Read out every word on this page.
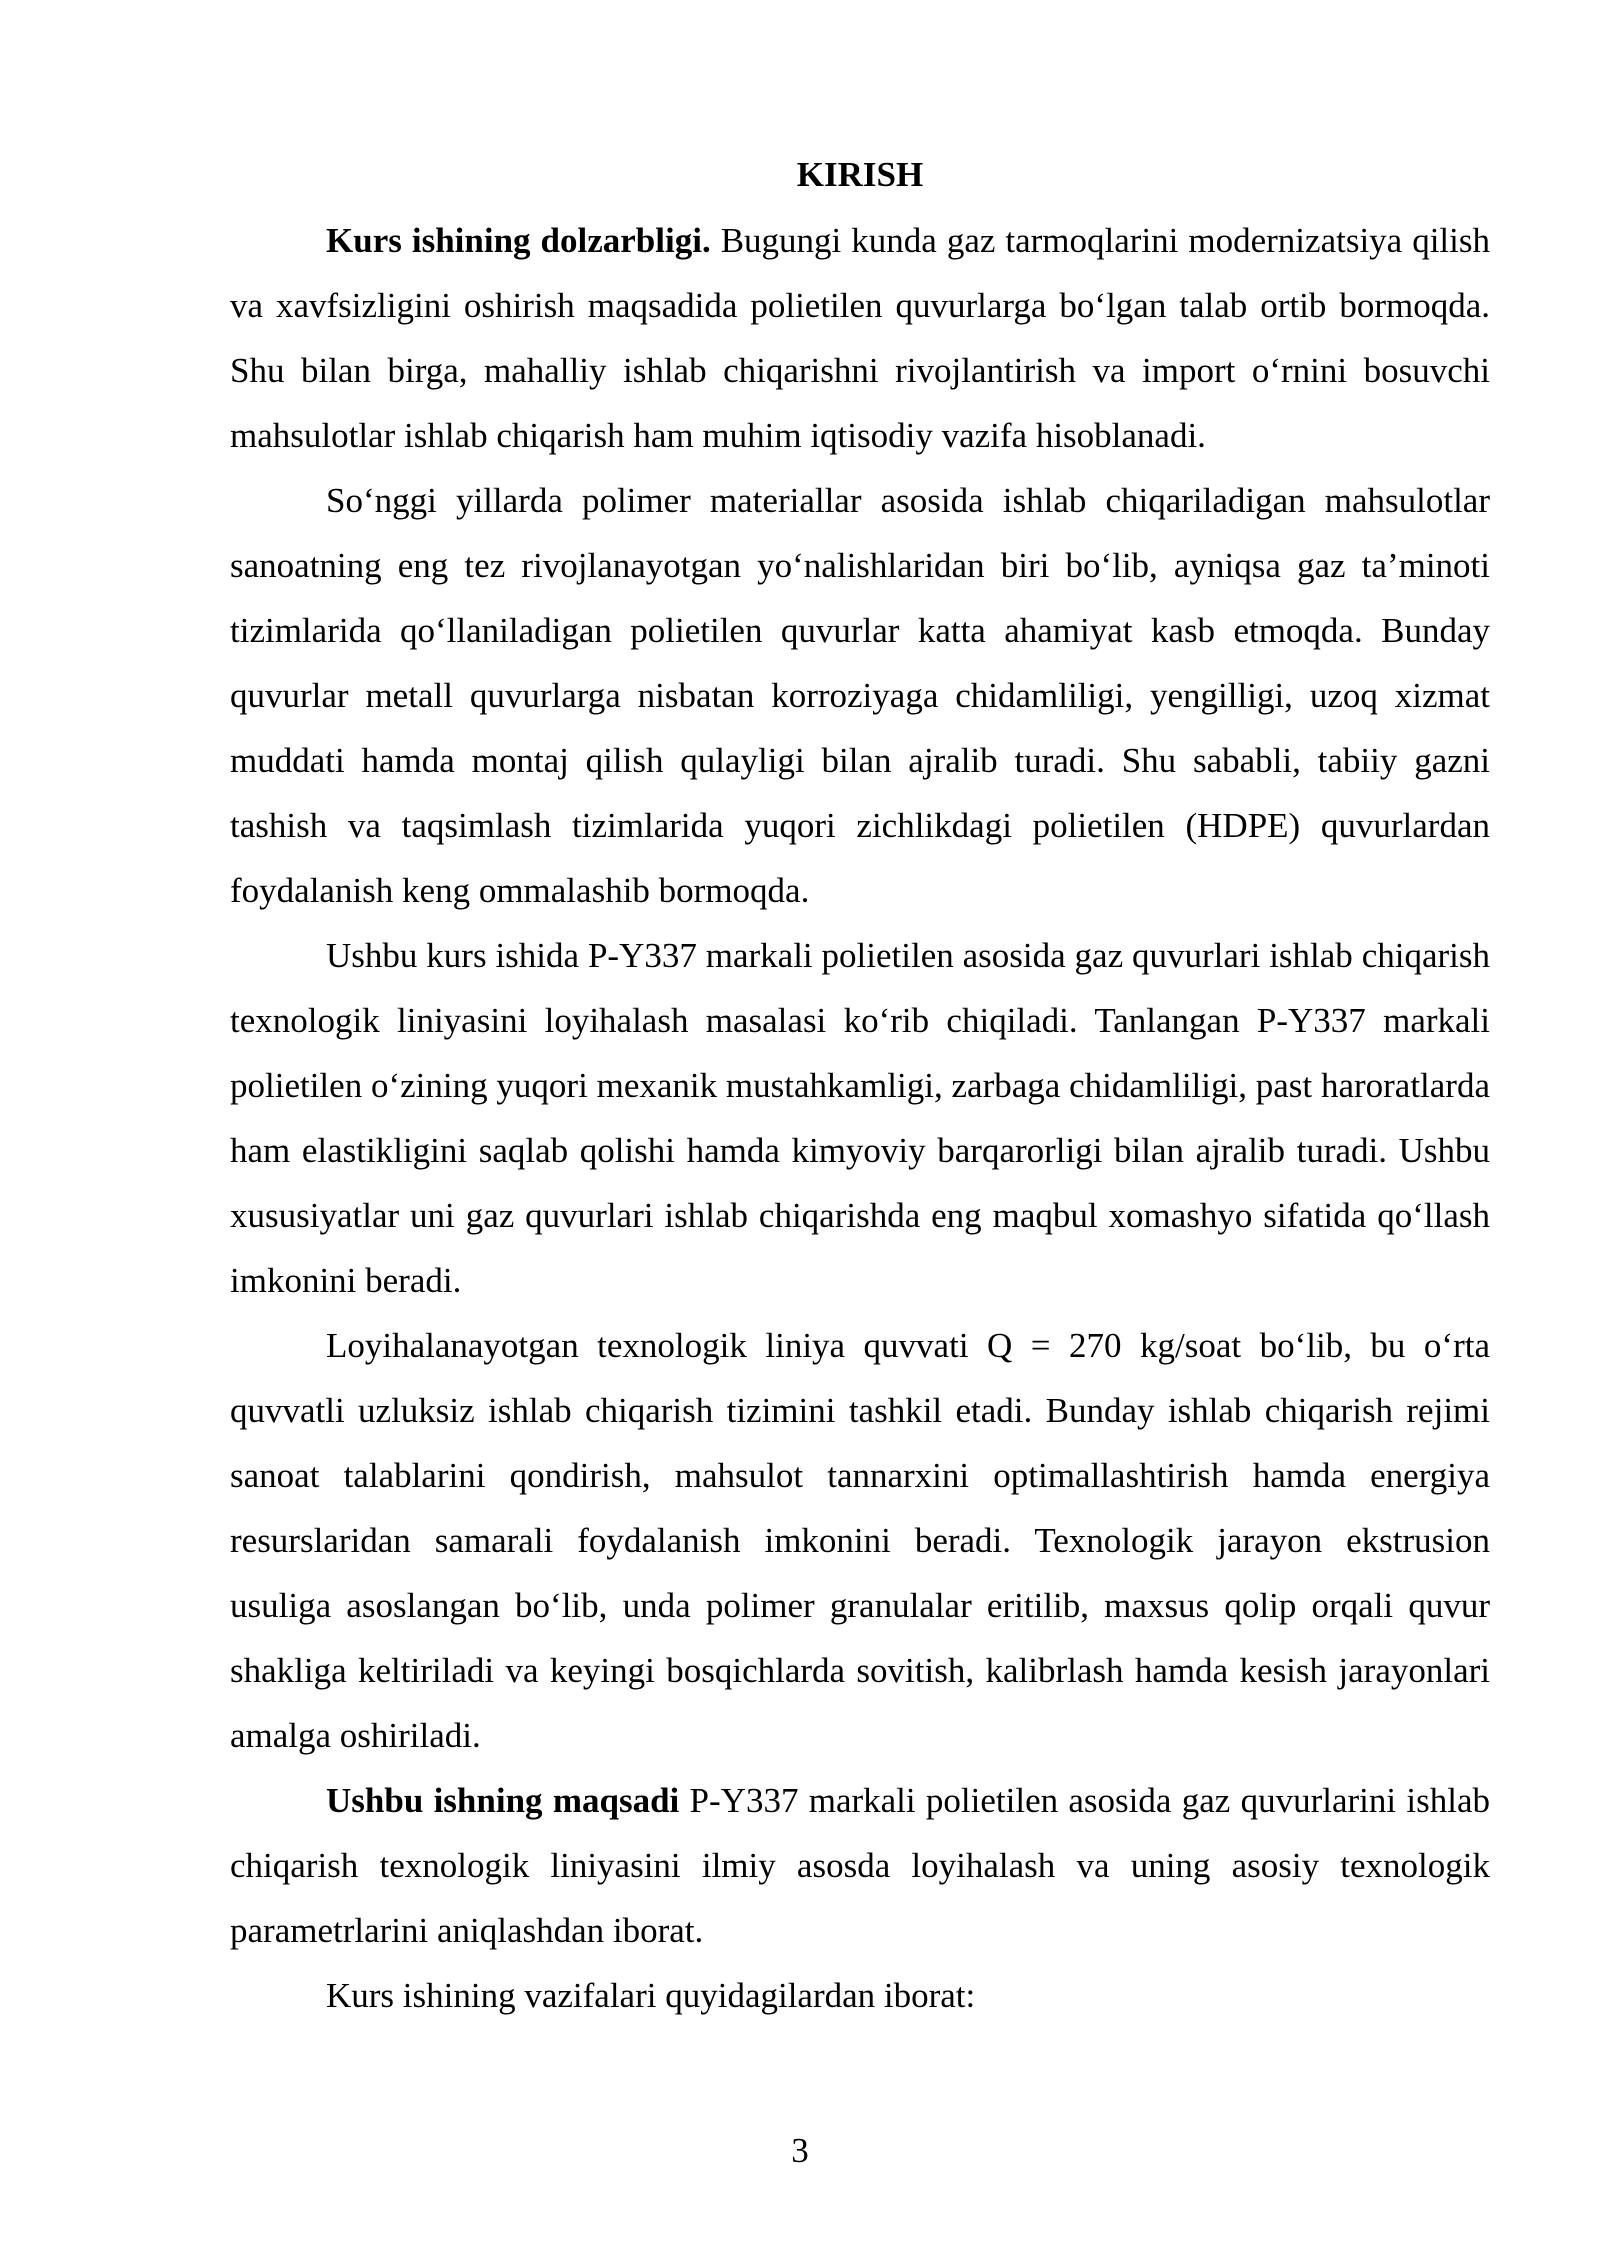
KIRISH

Kurs ishining dolzarbligi. Bugungi kunda gaz tarmoqlarini modernizatsiya qilish va xavfsizligini oshirish maqsadida polietilen quvurlarga bo‘lgan talab ortib bormoqda. Shu bilan birga, mahalliy ishlab chiqarishni rivojlantirish va import o‘rnini bosuvchi mahsulotlar ishlab chiqarish ham muhim iqtisodiy vazifa hisoblanadi.

So‘nggi yillarda polimer materiallar asosida ishlab chiqariladigan mahsulotlar sanoatning eng tez rivojlanayotgan yo‘nalishlaridan biri bo‘lib, ayniqsa gaz ta’minoti tizimlarida qo‘llaniladigan polietilen quvurlar katta ahamiyat kasb etmoqda. Bunday quvurlar metall quvurlarga nisbatan korroziyaga chidamliligi, yengilligi, uzoq xizmat muddati hamda montaj qilish qulayligi bilan ajralib turadi. Shu sababli, tabiiy gazni tashish va taqsimlash tizimlarida yuqori zichlikdagi polietilen (HDPE) quvurlardan foydalanish keng ommalashib bormoqda.

Ushbu kurs ishida P-Y337 markali polietilen asosida gaz quvurlari ishlab chiqarish texnologik liniyasini loyihalash masalasi ko‘rib chiqiladi. Tanlangan P-Y337 markali polietilen o‘zining yuqori mexanik mustahkamligi, zarbaga chidamliligi, past haroratlarda ham elastikligini saqlab qolishi hamda kimyoviy barqarorligi bilan ajralib turadi. Ushbu xususiyatlar uni gaz quvurlari ishlab chiqarishda eng maqbul xomashyo sifatida qo‘llash imkonini beradi.

Loyihalanayotgan texnologik liniya quvvati Q = 270 kg/soat bo‘lib, bu o‘rta quvvatli uzluksiz ishlab chiqarish tizimini tashkil etadi. Bunday ishlab chiqarish rejimi sanoat talablarini qondirish, mahsulot tannarxini optimallashtirish hamda energiya resurslaridan samarali foydalanish imkonini beradi. Texnologik jarayon ekstrusion usuliga asoslangan bo‘lib, unda polimer granulalar eritilib, maxsus qolip orqali quvur shakliga keltiriladi va keyingi bosqichlarda sovitish, kalibrlash hamda kesish jarayonlari amalga oshiriladi.

Ushbu ishning maqsadi P-Y337 markali polietilen asosida gaz quvurlarini ishlab chiqarish texnologik liniyasini ilmiy asosda loyihalash va uning asosiy texnologik parametrlarini aniqlashdan iborat.

Kurs ishining vazifalari quyidagilardan iborat:

3
